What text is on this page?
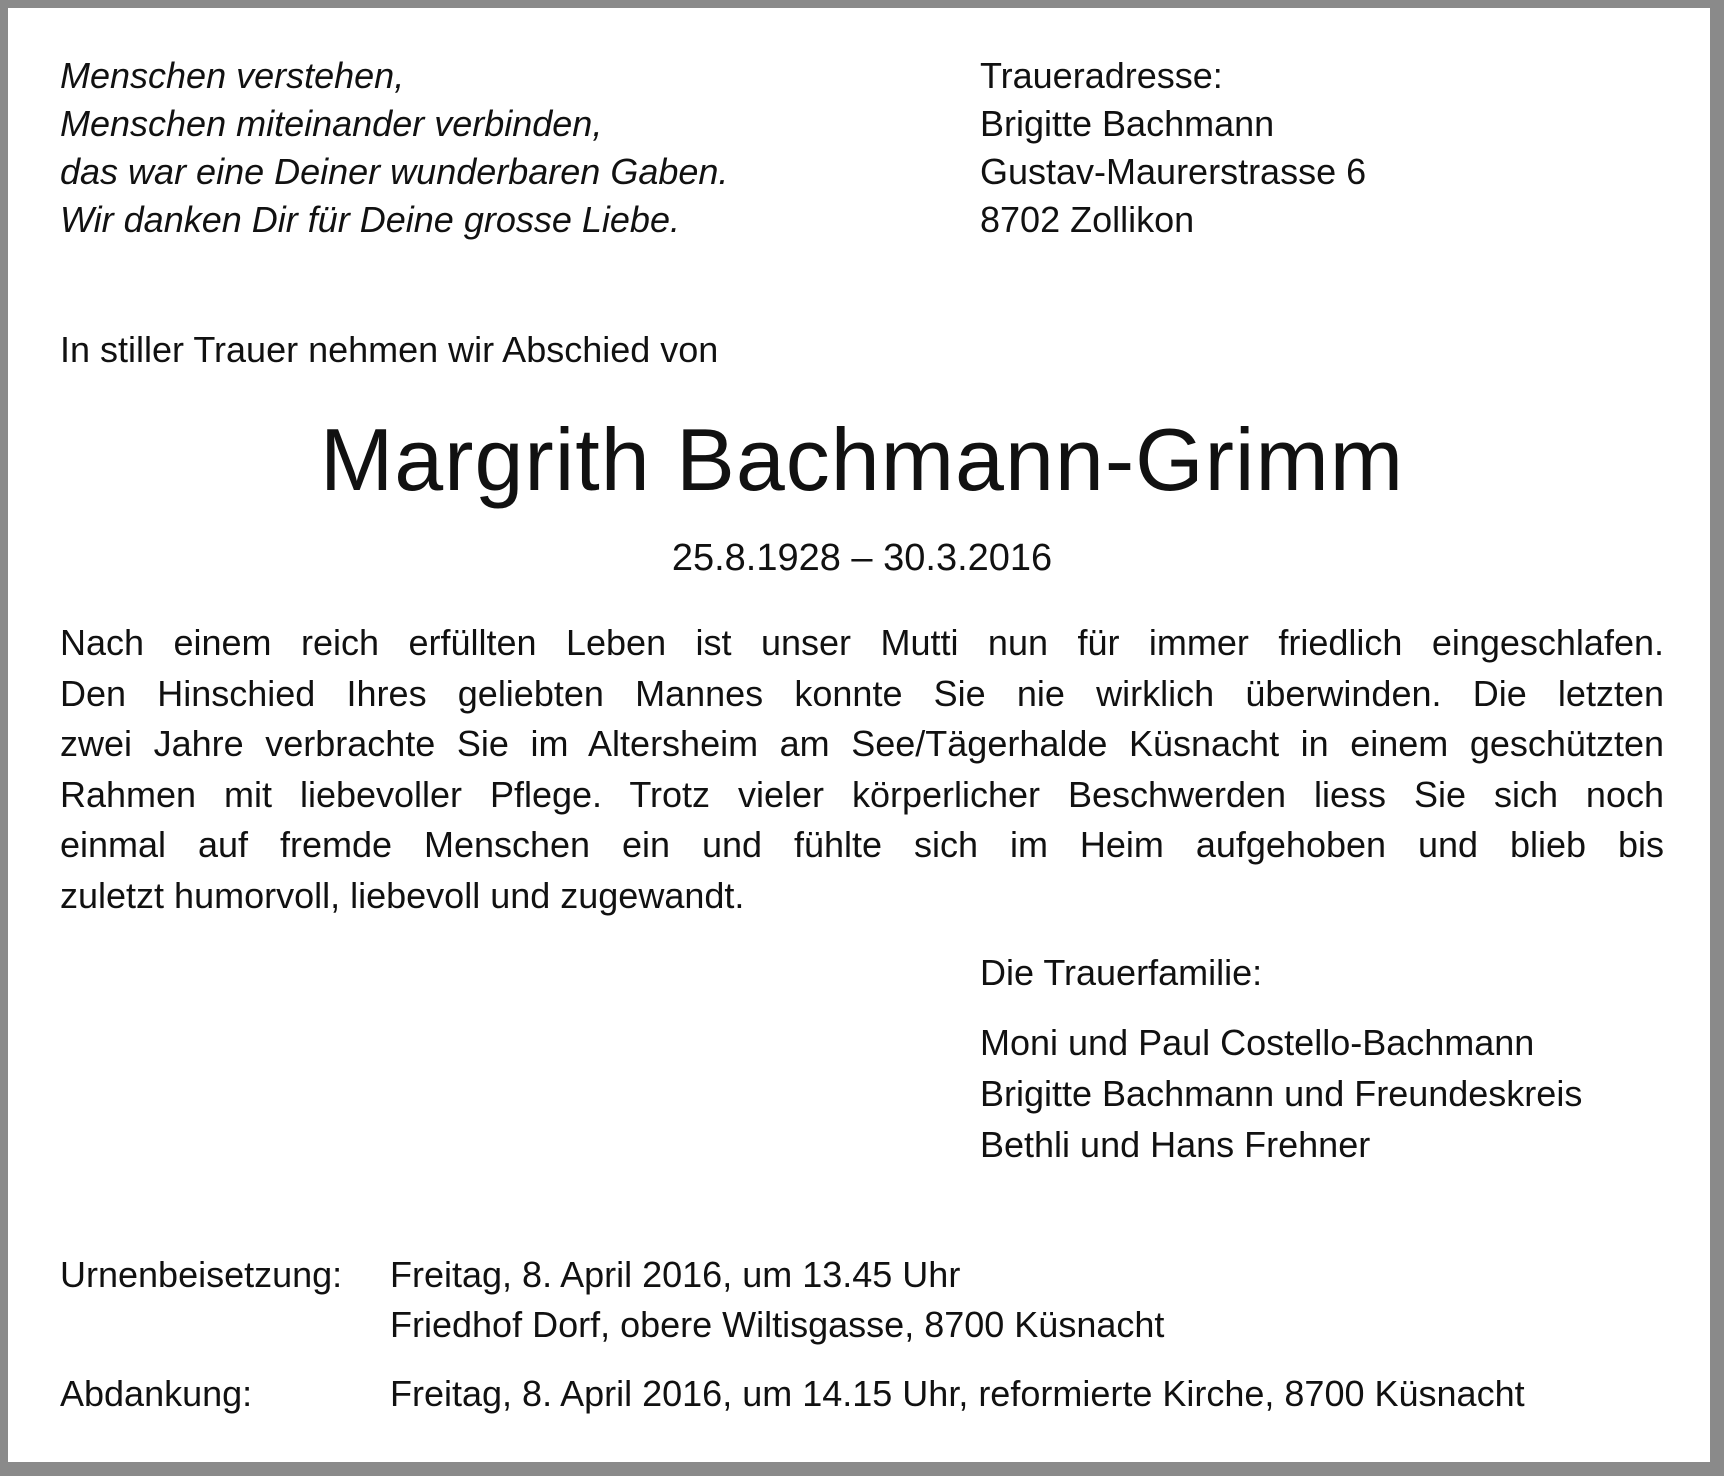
Menschen verstehen,
Menschen miteinander verbinden,
das war eine Deiner wunderbaren Gaben.
Wir danken Dir für Deine grosse Liebe.
Traueradresse:
Brigitte Bachmann
Gustav-Maurerstrasse 6
8702 Zollikon
In stiller Trauer nehmen wir Abschied von
Margrith Bachmann-Grimm
25.8.1928 – 30.3.2016
Nach einem reich erfüllten Leben ist unser Mutti nun für immer friedlich eingeschlafen.
Den Hinschied Ihres geliebten Mannes konnte Sie nie wirklich überwinden. Die letzten
zwei Jahre verbrachte Sie im Altersheim am See/Tägerhalde Küsnacht in einem geschützten
Rahmen mit liebevoller Pflege. Trotz vieler körperlicher Beschwerden liess Sie sich noch
einmal auf fremde Menschen ein und fühlte sich im Heim aufgehoben und blieb bis
zuletzt humorvoll, liebevoll und zugewandt.
Die Trauerfamilie:
Moni und Paul Costello-Bachmann
Brigitte Bachmann und Freundeskreis
Bethli und Hans Frehner
Urnenbeisetzung: Freitag, 8. April 2016, um 13.45 Uhr
Friedhof Dorf, obere Wiltisgasse, 8700 Küsnacht
Abdankung:	Freitag, 8. April 2016, um 14.15 Uhr, reformierte Kirche, 8700 Küsnacht
